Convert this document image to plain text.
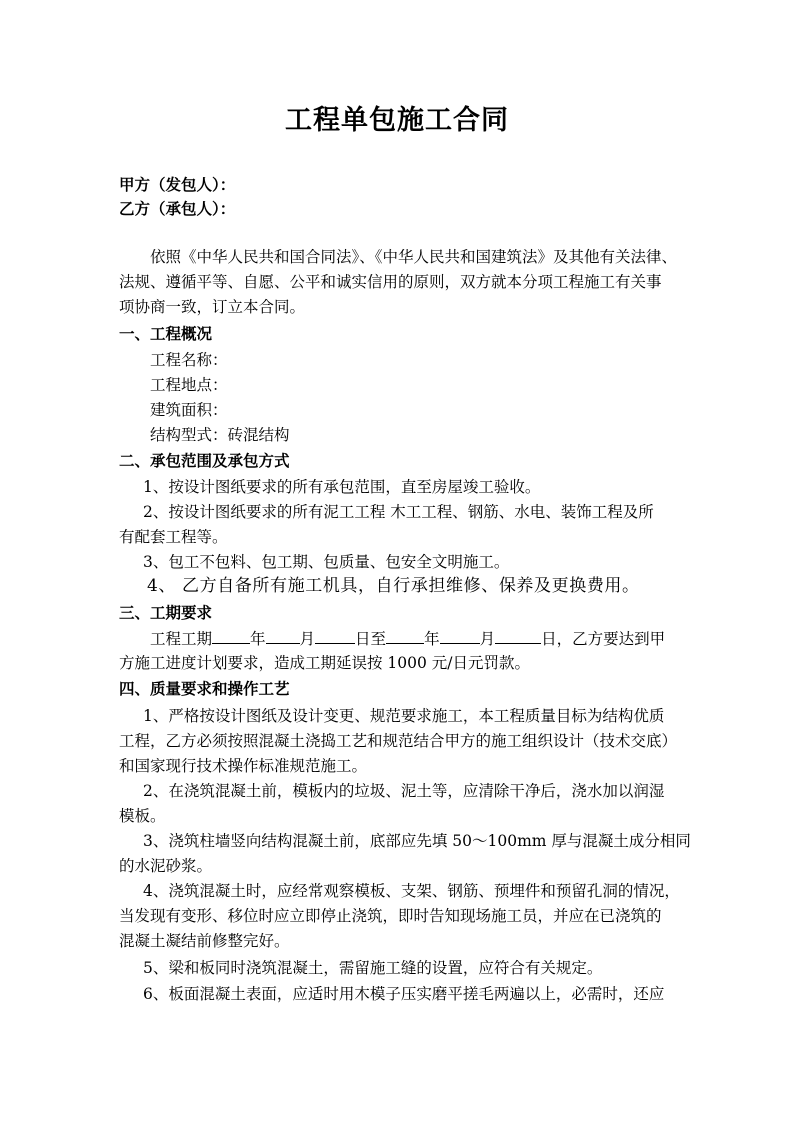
工程单包施工合同
甲方（发包人）：
乙方（承包人）：
依照《中华人民共和国合同法》、《中华人民共和国建筑法》及其他有关法律、
法规、遵循平等、自愿、公平和诚实信用的原则，双方就本分项工程施工有关事
项协商一致，订立本合同。
一、工程概况
工程名称：
工程地点：
建筑面积：
结构型式：砖混结构
二、承包范围及承包方式
1、按设计图纸要求的所有承包范围，直至房屋竣工验收。
2、按设计图纸要求的所有泥工工程 木工工程、钢筋、水电、装饰工程及所
有配套工程等。
3、包工不包料、包工期、包质量、包安全文明施工。
4、 乙方自备所有施工机具，自行承担维修、保养及更换费用。
三、工期要求
工程工期 年 月	日至 年	月	日，乙方要达到甲
方施工进度计划要求，造成工期延误按 1000 元/日元罚款。
四、质量要求和操作工艺
1、严格按设计图纸及设计变更、规范要求施工，本工程质量目标为结构优质
工程，乙方必须按照混凝土浇捣工艺和规范结合甲方的施工组织设计（技术交底）
和国家现行技术操作标准规范施工。
2、在浇筑混凝土前，模板内的垃圾、泥土等，应清除干净后，浇水加以润湿
模板。
3、浇筑柱墙竖向结构混凝土前，底部应先填 50～100mm 厚与混凝土成分相同
的水泥砂浆。
4、浇筑混凝土时，应经常观察模板、支架、钢筋、预埋件和预留孔洞的情况，
当发现有变形、移位时应立即停止浇筑，即时告知现场施工员，并应在已浇筑的
混凝土凝结前修整完好。
5、梁和板同时浇筑混凝土，需留施工缝的设置，应符合有关规定。
6、板面混凝土表面，应适时用木模子压实磨平搓毛两遍以上，必需时，还应
